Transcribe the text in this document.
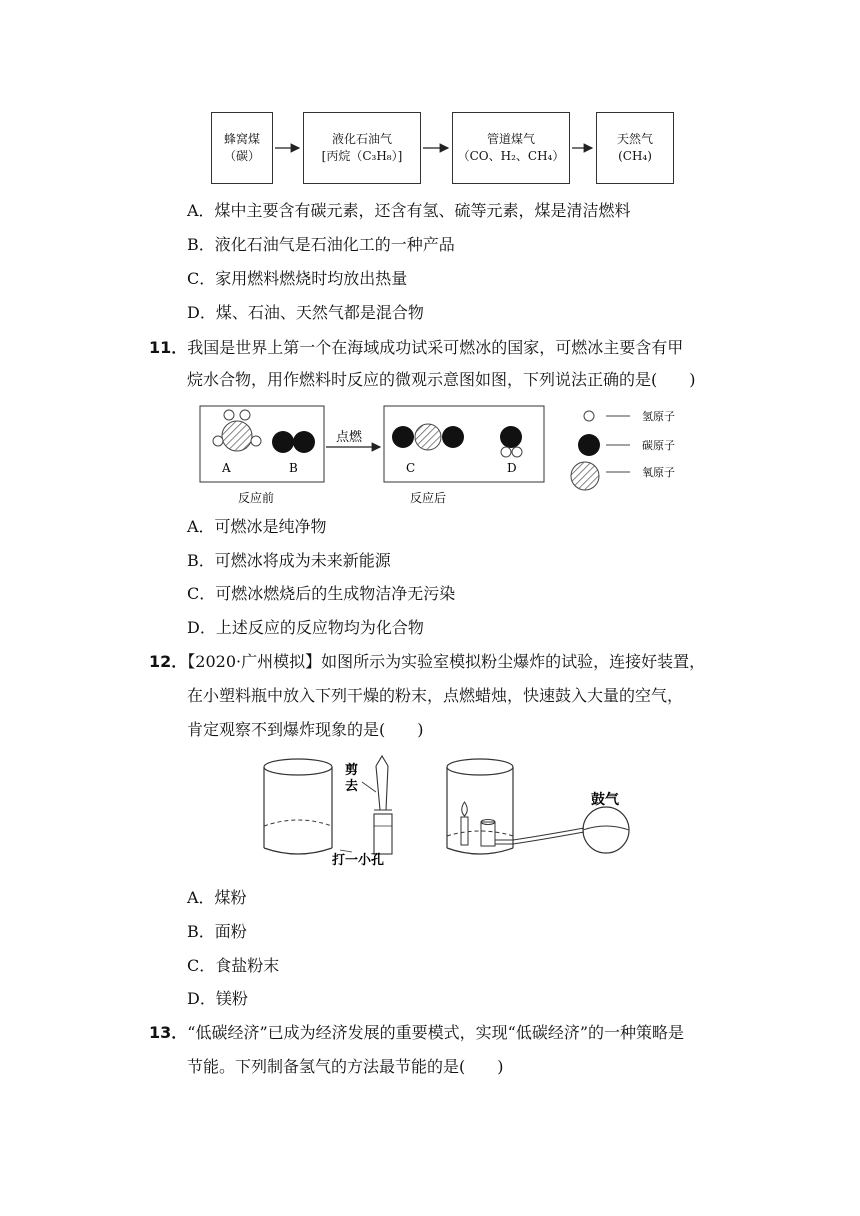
蜂窝煤
（碳）
液化石油气
[丙烷（C₃H₈）]
管道煤气
（CO、H₂、CH₄）
天然气
(CH₄)
A．煤中主要含有碳元素，还含有氢、硫等元素，煤是清洁燃料
B．液化石油气是石油化工的一种产品
C．家用燃料燃烧时均放出热量
D．煤、石油、天然气都是混合物
11．我国是世界上第一个在海域成功试采可燃冰的国家，可燃冰主要含有甲
烷水合物，用作燃料时反应的微观示意图如图，下列说法正确的是(　　)
A	B
点燃
C	D
反应前	反应后
氢原子
碳原子
氧原子
A．可燃冰是纯净物
B．可燃冰将成为未来新能源
C．可燃冰燃烧后的生成物洁净无污染
D．上述反应的反应物均为化合物
12．【2020·广州模拟】如图所示为实验室模拟粉尘爆炸的试验，连接好装置，
在小塑料瓶中放入下列干燥的粉末，点燃蜡烛，快速鼓入大量的空气，
肯定观察不到爆炸现象的是(　　)
剪
去
打一小孔
鼓气
A．煤粉
B．面粉
C．食盐粉末
D．镁粉
13．“低碳经济”已成为经济发展的重要模式，实现“低碳经济”的一种策略是
节能。下列制备氢气的方法最节能的是(　　)
